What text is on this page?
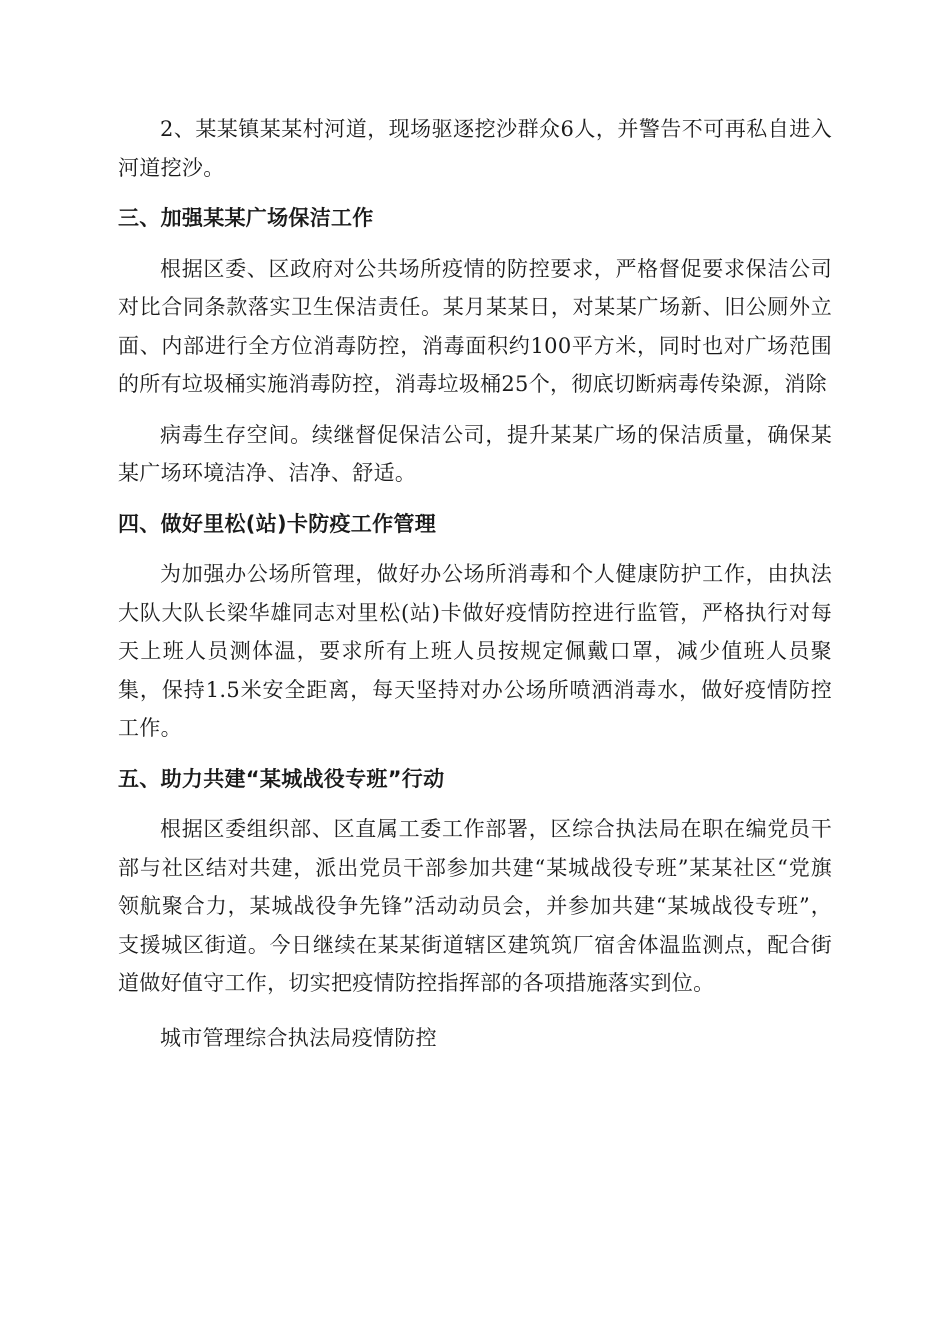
2、某某镇某某村河道，现场驱逐挖沙群众6人，并警告不可再私自进入河道挖沙。

三、加强某某广场保洁工作

根据区委、区政府对公共场所疫情的防控要求，严格督促要求保洁公司对比合同条款落实卫生保洁责任。某月某某日，对某某广场新、旧公厕外立面、内部进行全方位消毒防控，消毒面积约100平方米，同时也对广场范围的所有垃圾桶实施消毒防控，消毒垃圾桶25个，彻底切断病毒传染源，消除

病毒生存空间。续继督促保洁公司，提升某某广场的保洁质量，确保某某广场环境洁净、洁净、舒适。

四、做好里松(站)卡防疫工作管理

为加强办公场所管理，做好办公场所消毒和个人健康防护工作，由执法大队大队长梁华雄同志对里松(站)卡做好疫情防控进行监管，严格执行对每天上班人员测体温，要求所有上班人员按规定佩戴口罩，减少值班人员聚集，保持1.5米安全距离，每天坚持对办公场所喷洒消毒水，做好疫情防控工作。

五、助力共建“某城战役专班”行动

根据区委组织部、区直属工委工作部署，区综合执法局在职在编党员干部与社区结对共建，派出党员干部参加共建“某城战役专班”某某社区“党旗领航聚合力，某城战役争先锋”活动动员会，并参加共建“某城战役专班”，支援城区街道。今日继续在某某街道辖区建筑筑厂宿舍体温监测点，配合街道做好值守工作，切实把疫情防控指挥部的各项措施落实到位。

城市管理综合执法局疫情防控
